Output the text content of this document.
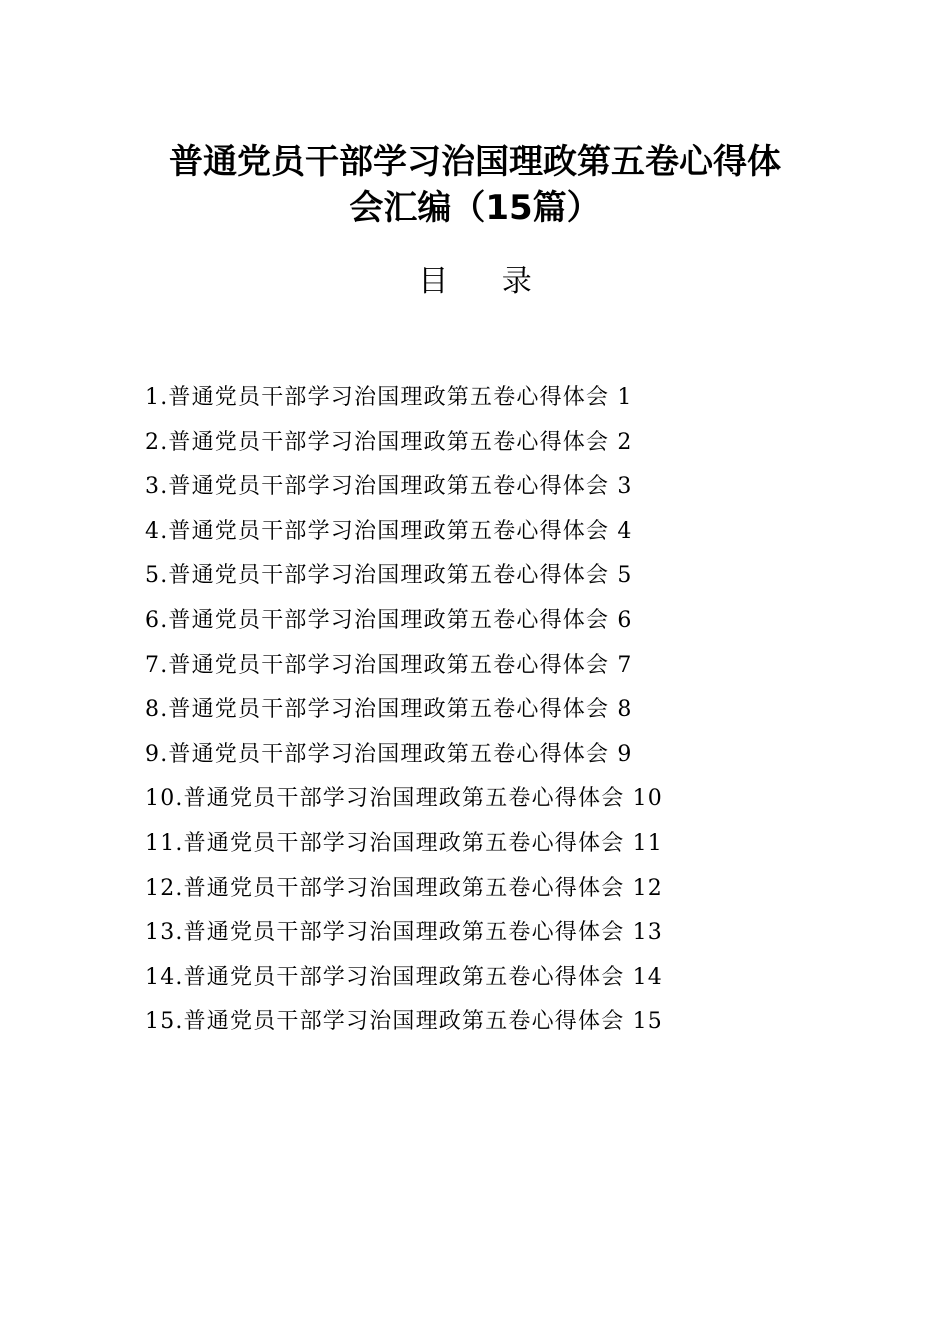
普通党员干部学习治国理政第五卷心得体
会汇编（15篇）
目 录
1.普通党员干部学习治国理政第五卷心得体会 1
2.普通党员干部学习治国理政第五卷心得体会 2
3.普通党员干部学习治国理政第五卷心得体会 3
4.普通党员干部学习治国理政第五卷心得体会 4
5.普通党员干部学习治国理政第五卷心得体会 5
6.普通党员干部学习治国理政第五卷心得体会 6
7.普通党员干部学习治国理政第五卷心得体会 7
8.普通党员干部学习治国理政第五卷心得体会 8
9.普通党员干部学习治国理政第五卷心得体会 9
10.普通党员干部学习治国理政第五卷心得体会 10
11.普通党员干部学习治国理政第五卷心得体会 11
12.普通党员干部学习治国理政第五卷心得体会 12
13.普通党员干部学习治国理政第五卷心得体会 13
14.普通党员干部学习治国理政第五卷心得体会 14
15.普通党员干部学习治国理政第五卷心得体会 15
